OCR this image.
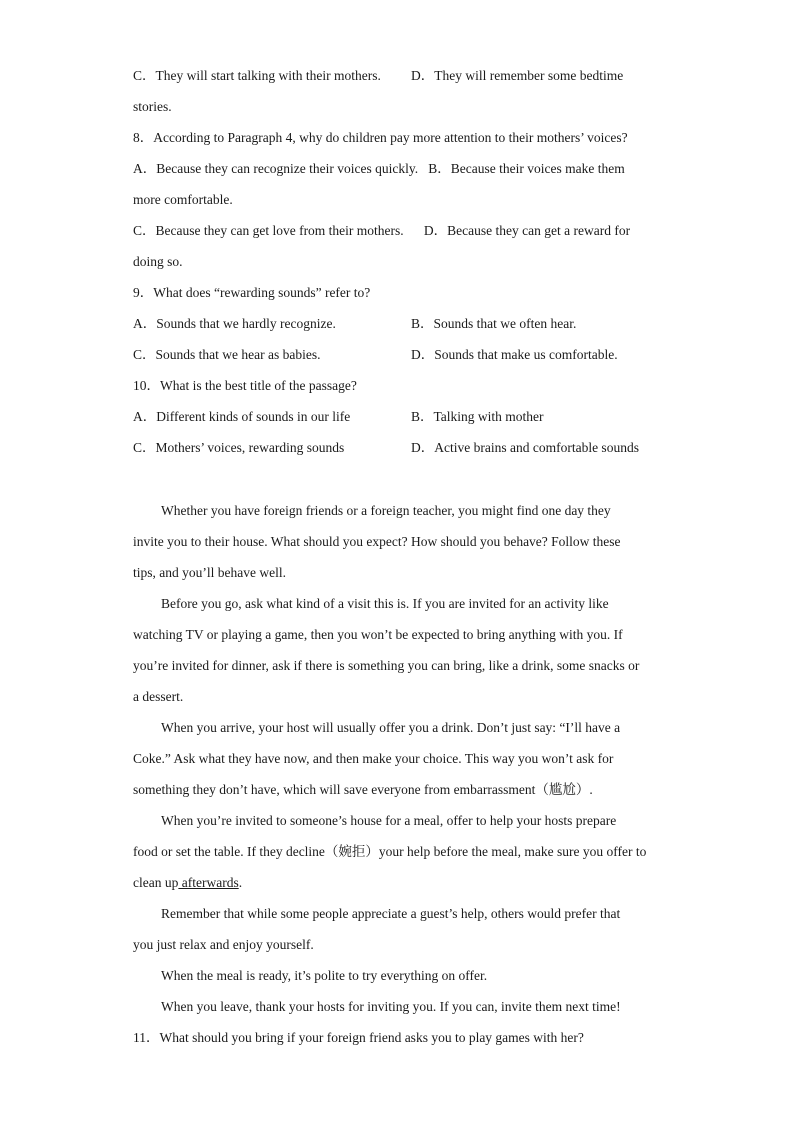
C．They will start talking with their mothers.	D．They will remember some bedtime
stories.
8．According to Paragraph 4, why do children pay more attention to their mothers’ voices?
A．Because they can recognize their voices quickly. B．Because their voices make them
more comfortable.
C．Because they can get love from their mothers. D．Because they can get a reward for
doing so.
9．What does “rewarding sounds” refer to?
A．Sounds that we hardly recognize.	B．Sounds that we often hear.
C．Sounds that we hear as babies.	D．Sounds that make us comfortable.
10．What is the best title of the passage?
A．Different kinds of sounds in our life	B．Talking with mother
C．Mothers’ voices, rewarding sounds	D．Active brains and comfortable sounds
Whether you have foreign friends or a foreign teacher, you might find one day they
invite you to their house. What should you expect? How should you behave? Follow these
tips, and you’ll behave well.
Before you go, ask what kind of a visit this is. If you are invited for an activity like
watching TV or playing a game, then you won’t be expected to bring anything with you. If
you’re invited for dinner, ask if there is something you can bring, like a drink, some snacks or
a dessert.
When you arrive, your host will usually offer you a drink. Don’t just say: “I’ll have a
Coke.” Ask what they have now, and then make your choice. This way you won’t ask for
something they don’t have, which will save everyone from embarrassment（尴尬）.
When you’re invited to someone’s house for a meal, offer to help your hosts prepare
food or set the table. If they decline（婉拒）your help before the meal, make sure you offer to
clean up afterwards.
Remember that while some people appreciate a guest’s help, others would prefer that
you just relax and enjoy yourself.
When the meal is ready, it’s polite to try everything on offer.
When you leave, thank your hosts for inviting you. If you can, invite them next time!
11．What should you bring if your foreign friend asks you to play games with her?
